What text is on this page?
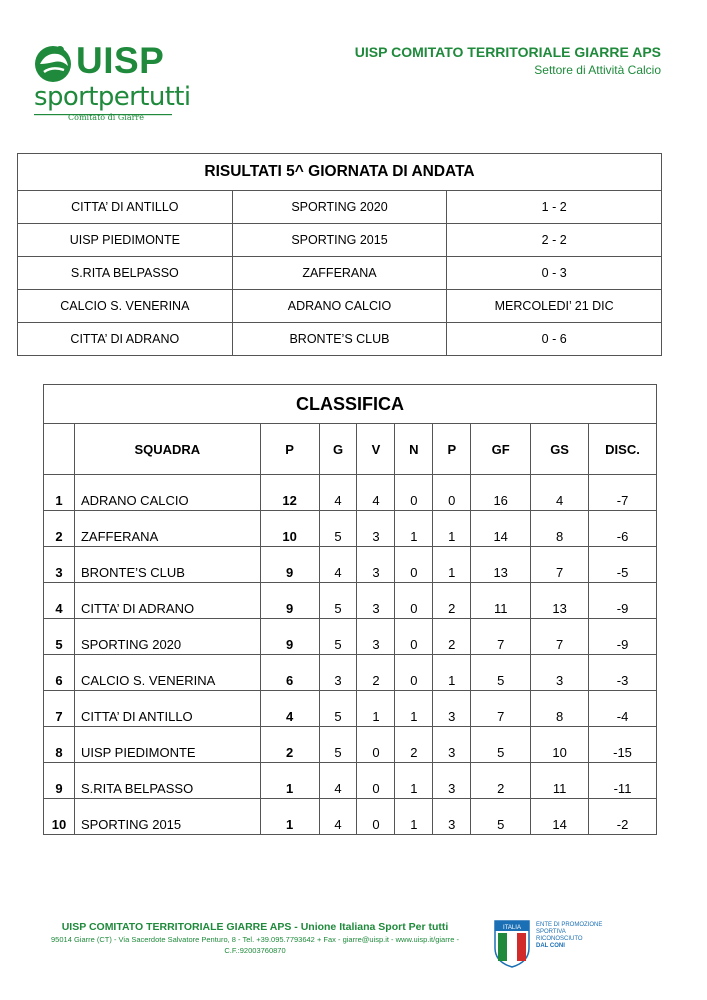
UISP
sportpertutti
Comitato di Giarre
UISP COMITATO TERRITORIALE GIARRE APS
Settore di Attività Calcio
RISULTATI 5^ GIORNATA DI ANDATA		
CITTA’ DI ANTILLO	SPORTING 2020	1 - 2
UISP PIEDIMONTE	SPORTING 2015	2 - 2
S.RITA BELPASSO	ZAFFERANA	0 - 3
CALCIO S. VENERINA	ADRANO CALCIO	MERCOLEDI’ 21 DIC
CITTA’ DI ADRANO	BRONTE’S CLUB	0 - 6
CLASSIFICA									
	SQUADRA	P	G	V	N	P	GF	GS	DISC.
1	ADRANO CALCIO	12	4	4	0	0	16	4	-7
2	ZAFFERANA	10	5	3	1	1	14	8	-6
3	BRONTE’S CLUB	9	4	3	0	1	13	7	-5
4	CITTA’ DI ADRANO	9	5	3	0	2	11	13	-9
5	SPORTING 2020	9	5	3	0	2	7	7	-9
6	CALCIO S. VENERINA	6	3	2	0	1	5	3	-3
7	CITTA’ DI ANTILLO	4	5	1	1	3	7	8	-4
8	UISP PIEDIMONTE	2	5	0	2	3	5	10	-15
9	S.RITA BELPASSO	1	4	0	1	3	2	11	-11
10	SPORTING 2015	1	4	0	1	3	5	14	-2
UISP COMITATO TERRITORIALE GIARRE APS - Unione Italiana Sport Per tutti
95014 Giarre (CT) - Via Sacerdote Salvatore Penturo, 8 - Tel. +39.095.7793642 + Fax - giarre@uisp.it - www.uisp.it/giarre - C.F.:92003760870
ITALIA	ENTE DI PROMOZIONE
SPORTIVA
RICONOSCIUTO
DAL CONI
